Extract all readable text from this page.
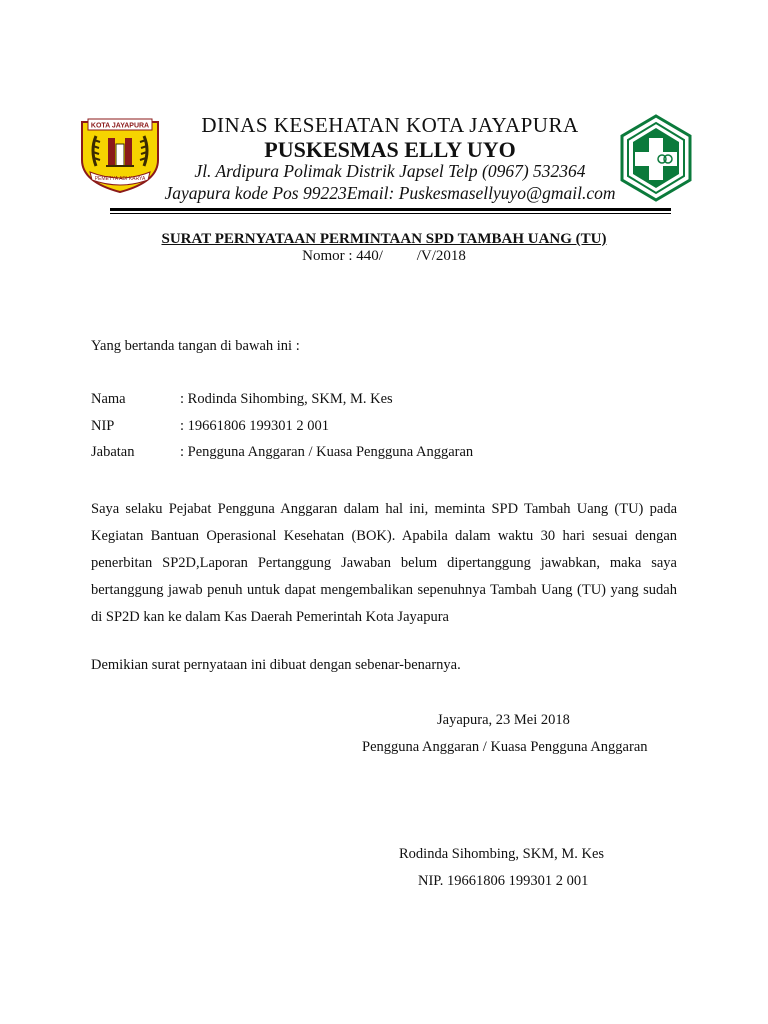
KOTA JAYAPURA
PEMETYA ADI KARYA
DINAS KESEHATAN KOTA JAYAPURA
PUSKESMAS ELLY UYO
Jl. Ardipura Polimak Distrik Japsel Telp (0967) 532364
Jayapura kode Pos 99223Email: Puskesmasellyuyo@gmail.com
SURAT PERNYATAAN PERMINTAAN SPD TAMBAH UANG (TU)
Nomor : 440/         /V/2018
Yang bertanda tangan di bawah ini :
Nama	: Rodinda Sihombing, SKM, M. Kes
NIP	: 19661806 199301 2 001
Jabatan	: Pengguna Anggaran / Kuasa Pengguna Anggaran
Saya selaku Pejabat Pengguna Anggaran dalam hal ini, meminta SPD Tambah Uang (TU) pada Kegiatan Bantuan Operasional Kesehatan (BOK). Apabila dalam waktu 30 hari sesuai dengan penerbitan SP2D,Laporan Pertanggung Jawaban belum dipertanggung jawabkan, maka saya bertanggung jawab penuh untuk dapat mengembalikan sepenuhnya Tambah Uang (TU) yang sudah di SP2D kan ke dalam Kas Daerah Pemerintah Kota Jayapura
Demikian surat pernyataan ini dibuat dengan sebenar-benarnya.
Jayapura, 23 Mei 2018
Pengguna Anggaran / Kuasa Pengguna Anggaran
Rodinda Sihombing, SKM, M. Kes
NIP. 19661806 199301 2 001
